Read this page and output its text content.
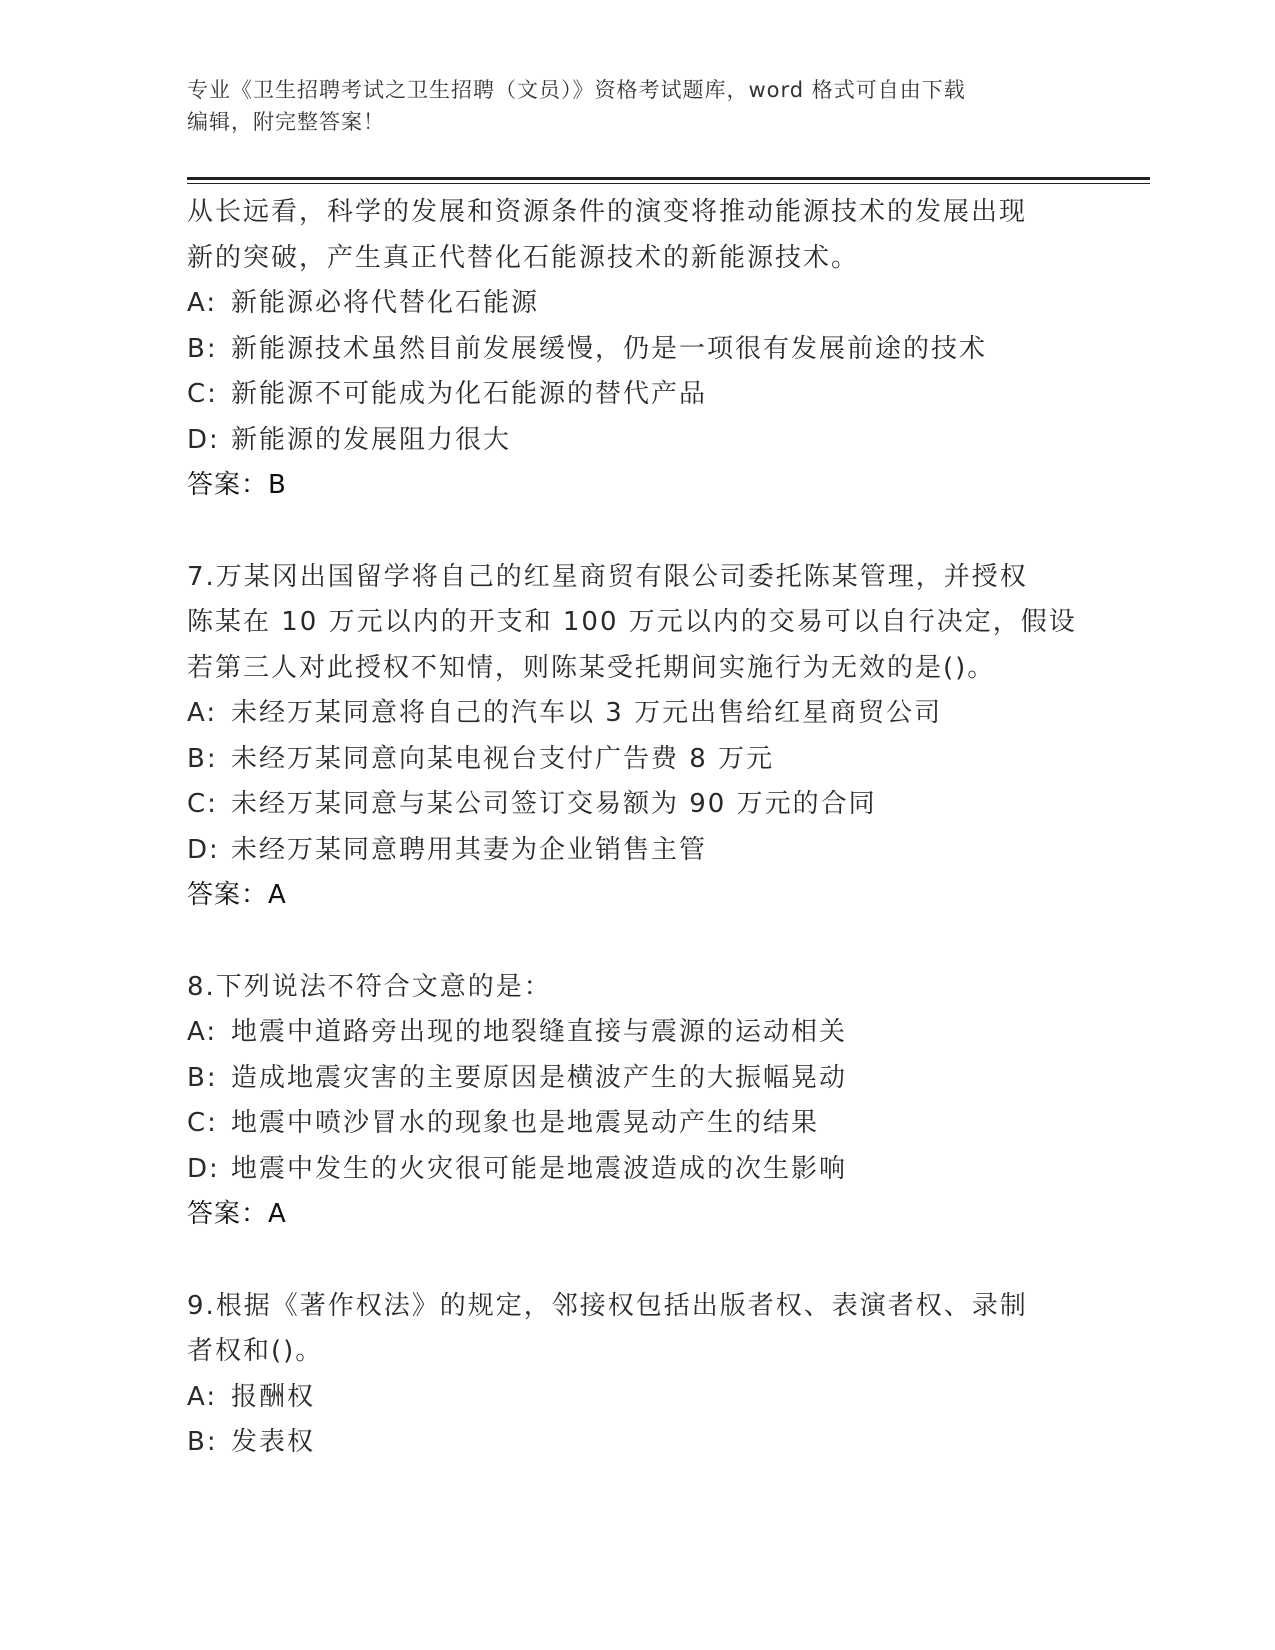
专业《卫生招聘考试之卫生招聘（文员）》资格考试题库，word 格式可自由下载
编辑，附完整答案！
从长远看，科学的发展和资源条件的演变将推动能源技术的发展出现
新的突破，产生真正代替化石能源技术的新能源技术。
A: 新能源必将代替化石能源
B: 新能源技术虽然目前发展缓慢，仍是一项很有发展前途的技术
C: 新能源不可能成为化石能源的替代产品
D: 新能源的发展阻力很大
答案：B
7.万某冈出国留学将自己的红星商贸有限公司委托陈某管理，并授权
陈某在 10 万元以内的开支和 100 万元以内的交易可以自行决定，假设
若第三人对此授权不知情，则陈某受托期间实施行为无效的是()。
A: 未经万某同意将自己的汽车以 3 万元出售给红星商贸公司
B: 未经万某同意向某电视台支付广告费 8 万元
C: 未经万某同意与某公司签订交易额为 90 万元的合同
D: 未经万某同意聘用其妻为企业销售主管
答案：A
8.下列说法不符合文意的是：
A: 地震中道路旁出现的地裂缝直接与震源的运动相关
B: 造成地震灾害的主要原因是横波产生的大振幅晃动
C: 地震中喷沙冒水的现象也是地震晃动产生的结果
D: 地震中发生的火灾很可能是地震波造成的次生影响
答案：A
9.根据《著作权法》的规定，邻接权包括出版者权、表演者权、录制
者权和()。
A: 报酬权
B: 发表权
